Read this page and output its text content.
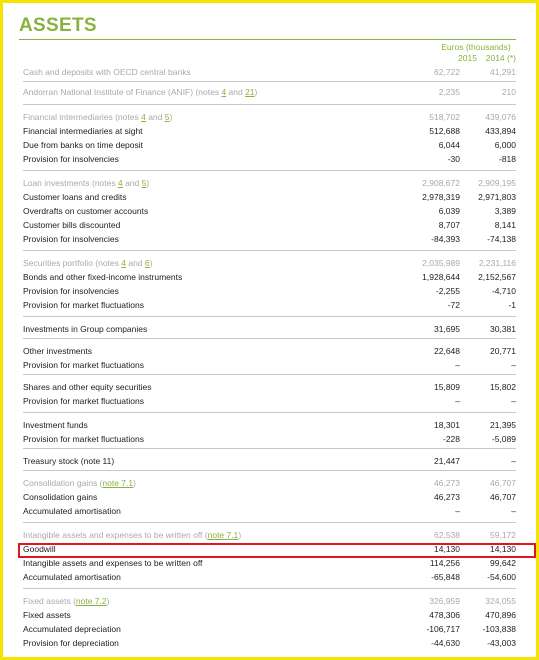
ASSETS
Euros (thousands)
2015	2014 (*)
Cash and deposits with OECD central banks	62,722	41,291
Andorran National Institute of Finance (ANIF) (notes 4 and 21)	2,235	210
Financial intermediaries (notes 4 and 5)	518,702	439,076
Financial intermediaries at sight	512,688	433,894
Due from banks on time deposit	6,044	6,000
Provision for insolvencies	-30	-818
Loan investments (notes 4 and 5)	2,908,672	2,909,195
Customer loans and credits	2,978,319	2,971,803
Overdrafts on customer accounts	6,039	3,389
Customer bills discounted	8,707	8,141
Provision for insolvencies	-84,393	-74,138
Securities portfolio (notes 4 and 6)	2,035,989	2,231,116
Bonds and other fixed-income instruments	1,928,644	2,152,567
Provision for insolvencies	-2,255	-4,710
Provision for market fluctuations	-72	-1
Investments in Group companies	31,695	30,381
Other investments	22,648	20,771
Provision for market fluctuations	–	–
Shares and other equity securities	15,809	15,802
Provision for market fluctuations	–	–
Investment funds	18,301	21,395
Provision for market fluctuations	-228	-5,089
Treasury stock (note 11)	21,447	–
Consolidation gains (note 7.1)	46,273	46,707
Consolidation gains	46,273	46,707
Accumulated amortisation	–	–
Intangible assets and expenses to be written off (note 7.1)	62,538	59,172
Goodwill	14,130	14,130
Intangible assets and expenses to be written off	114,256	99,642
Accumulated amortisation	-65,848	-54,600
Fixed assets (note 7.2)	326,959	324,055
Fixed assets	478,306	470,896
Accumulated depreciation	-106,717	-103,838
Provision for depreciation	-44,630	-43,003
